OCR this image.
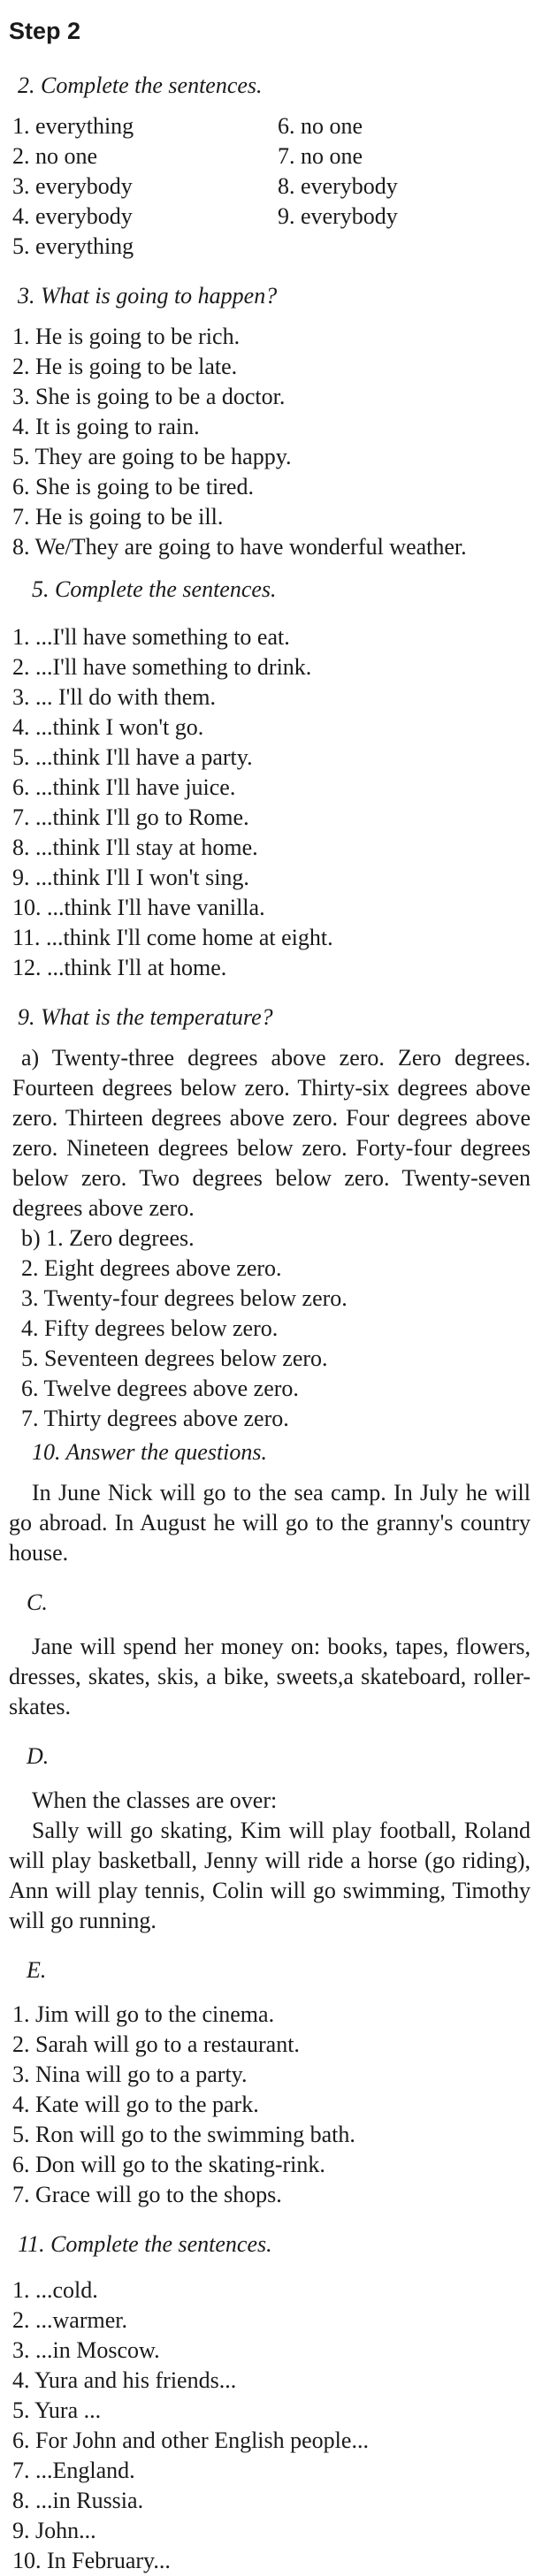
Step 2
2. Complete the sentences.
1. everything
2. no one
3. everybody
4. everybody
5. everything
6. no one
7. no one
8. everybody
9. everybody
3. What is going to happen?
1. He is going to be rich.
2. He is going to be late.
3. She is going to be a doctor.
4. It is going to rain.
5. They are going to be happy.
6. She is going to be tired.
7. He is going to be ill.
8. We/They are going to have wonderful weather.
5. Complete the sentences.
1. ...I'll have something to eat.
2. ...I'll have something to drink.
3. ... I'll do with them.
4. ...think I won't go.
5. ...think I'll have a party.
6. ...think I'll have juice.
7. ...think I'll go to Rome.
8. ...think I'll stay at home.
9. ...think I'll I won't sing.
10. ...think I'll have vanilla.
11. ...think I'll come home at eight.
12. ...think I'll at home.
9. What is the temperature?
a) Twenty-three degrees above zero. Zero degrees. Fourteen degrees below zero. Thirty-six degrees above zero. Thirteen degrees above zero. Four degrees above zero. Nineteen degrees below zero. Forty-four degrees below zero. Two degrees below zero. Twenty-seven degrees above zero.
b) 1. Zero degrees.
2. Eight degrees above zero.
3. Twenty-four degrees below zero.
4. Fifty degrees below zero.
5. Seventeen degrees below zero.
6. Twelve degrees above zero.
7. Thirty degrees above zero.
10. Answer the questions.
In June Nick will go to the sea camp. In July he will go abroad. In August he will go to the granny's country house.
C.
Jane will spend her money on: books, tapes, flowers, dresses, skates, skis, a bike, sweets,a skateboard, roller-skates.
D.
When the classes are over:
Sally will go skating, Kim will play football, Roland will play basketball, Jenny will ride a horse (go riding), Ann will play tennis, Colin will go swimming, Timothy will go running.
E.
1. Jim will go to the cinema.
2. Sarah will go to a restaurant.
3. Nina will go to a party.
4. Kate will go to the park.
5. Ron will go to the swimming bath.
6. Don will go to the skating-rink.
7. Grace will go to the shops.
11. Complete the sentences.
1. ...cold.
2. ...warmer.
3. ...in Moscow.
4. Yura and his friends...
5. Yura ...
6. For John and other English people...
7. ...England.
8. ...in Russia.
9. John...
10. In February...
